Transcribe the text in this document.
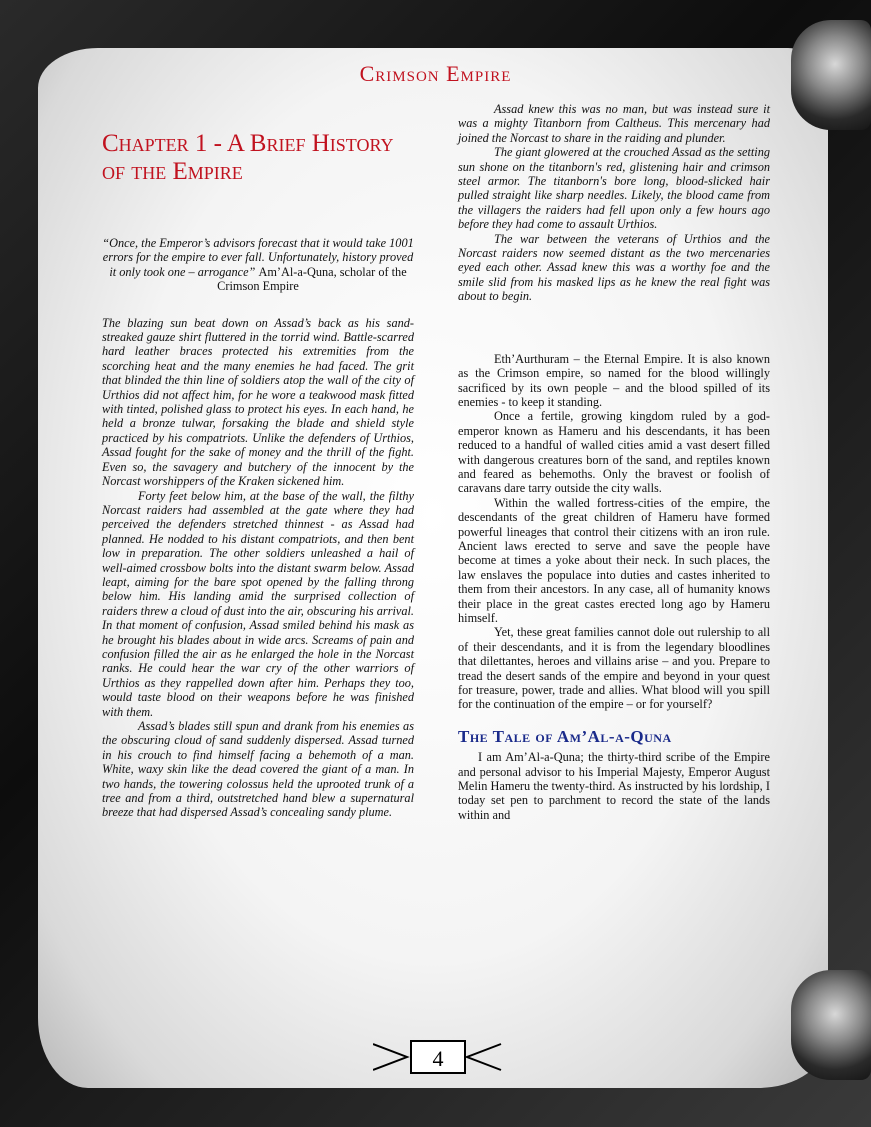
Crimson Empire
Chapter 1 - A Brief History of the Empire
“Once, the Emperor’s advisors forecast that it would take 1001 errors for the empire to ever fall. Unfortunately, history proved it only took one – arrogance” Am’Al-a-Quna, scholar of the Crimson Empire

The blazing sun beat down on Assad’s back as his sand-streaked gauze shirt fluttered in the torrid wind. Battle-scarred hard leather braces protected his extremities from the scorching heat and the many enemies he had faced. The grit that blinded the thin line of soldiers atop the wall of the city of Urthios did not affect him, for he wore a teakwood mask fitted with tinted, polished glass to protect his eyes. In each hand, he held a bronze tulwar, forsaking the blade and shield style practiced by his compatriots. Unlike the defenders of Urthios, Assad fought for the sake of money and the thrill of the fight. Even so, the savagery and butchery of the innocent by the Norcast worshippers of the Kraken sickened him.

Forty feet below him, at the base of the wall, the filthy Norcast raiders had assembled at the gate where they had perceived the defenders stretched thinnest - as Assad had planned. He nodded to his distant compatriots, and then bent low in preparation. The other soldiers unleashed a hail of well-aimed crossbow bolts into the distant swarm below. Assad leapt, aiming for the bare spot opened by the falling throng below him. His landing amid the surprised collection of raiders threw a cloud of dust into the air, obscuring his arrival. In that moment of confusion, Assad smiled behind his mask as he brought his blades about in wide arcs. Screams of pain and confusion filled the air as he enlarged the hole in the Norcast ranks. He could hear the war cry of the other warriors of Urthios as they rappelled down after him. Perhaps they too, would taste blood on their weapons before he was finished with them.

Assad’s blades still spun and drank from his enemies as the obscuring cloud of sand suddenly dispersed. Assad turned in his crouch to find himself facing a behemoth of a man. White, waxy skin like the dead covered the giant of a man. In two hands, the towering colossus held the uprooted trunk of a tree and from a third, outstretched hand blew a supernatural breeze that had dispersed Assad’s concealing sandy plume.

Assad knew this was no man, but was instead sure it was a mighty Titanborn from Caltheus. This mercenary had joined the Norcast to share in the raiding and plunder.

The giant glowered at the crouched Assad as the setting sun shone on the titanborn's red, glistening hair and crimson steel armor. The titanborn's bore long, blood-slicked hair pulled straight like sharp needles. Likely, the blood came from the villagers the raiders had fell upon only a few hours ago before they had come to assault Urthios.

The war between the veterans of Urthios and the Norcast raiders now seemed distant as the two mercenaries eyed each other. Assad knew this was a worthy foe and the smile slid from his masked lips as he knew the real fight was about to begin.

Eth’Aurthuram – the Eternal Empire. It is also known as the Crimson empire, so named for the blood willingly sacrificed by its own people – and the blood spilled of its enemies - to keep it standing.

Once a fertile, growing kingdom ruled by a god-emperor known as Hameru and his descendants, it has been reduced to a handful of walled cities amid a vast desert filled with dangerous creatures born of the sand, and reptiles known and feared as behemoths. Only the bravest or foolish of caravans dare tarry outside the city walls.

Within the walled fortress-cities of the empire, the descendants of the great children of Hameru have formed powerful lineages that control their citizens with an iron rule. Ancient laws erected to serve and save the people have become at times a yoke about their neck. In such places, the law enslaves the populace into duties and castes inherited to them from their ancestors. In any case, all of humanity knows their place in the great castes erected long ago by Hameru himself.

Yet, these great families cannot dole out rulership to all of their descendants, and it is from the legendary bloodlines that dilettantes, heroes and villains arise – and you. Prepare to tread the desert sands of the empire and beyond in your quest for treasure, power, trade and allies. What blood will you spill for the continuation of the empire – or for yourself?

The Tale of Am’Al-a-Quna

I am Am’Al-a-Quna; the thirty-third scribe of the Empire and personal advisor to his Imperial Majesty, Emperor August Melin Hameru the twenty-third. As instructed by his lordship, I today set pen to parchment to record the state of the lands within and

4
